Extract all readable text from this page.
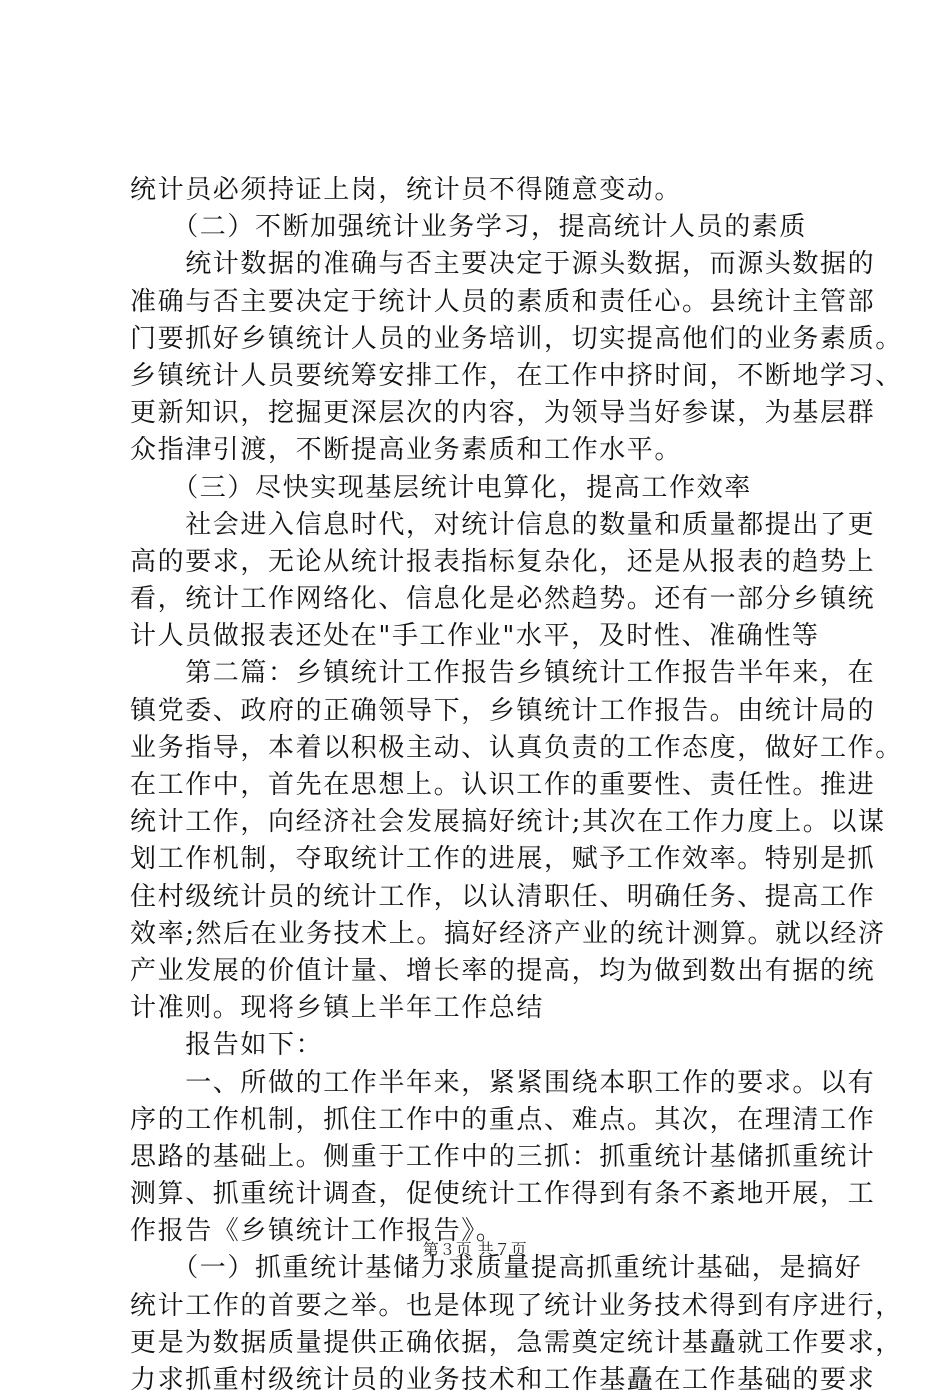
统计员必须持证上岗，统计员不得随意变动。
　　（二）不断加强统计业务学习，提高统计人员的素质
　　统计数据的准确与否主要决定于源头数据，而源头数据的
准确与否主要决定于统计人员的素质和责任心。县统计主管部
门要抓好乡镇统计人员的业务培训，切实提高他们的业务素质。
乡镇统计人员要统筹安排工作，在工作中挤时间，不断地学习、
更新知识，挖掘更深层次的内容，为领导当好参谋，为基层群
众指津引渡，不断提高业务素质和工作水平。
　　（三）尽快实现基层统计电算化，提高工作效率
　　社会进入信息时代，对统计信息的数量和质量都提出了更
高的要求，无论从统计报表指标复杂化，还是从报表的趋势上
看，统计工作网络化、信息化是必然趋势。还有一部分乡镇统
计人员做报表还处在"手工作业"水平，及时性、准确性等
　　第二篇：乡镇统计工作报告乡镇统计工作报告半年来，在
镇党委、政府的正确领导下，乡镇统计工作报告。由统计局的
业务指导，本着以积极主动、认真负责的工作态度，做好工作。
在工作中，首先在思想上。认识工作的重要性、责任性。推进
统计工作，向经济社会发展搞好统计;其次在工作力度上。以谋
划工作机制，夺取统计工作的进展，赋予工作效率。特别是抓
住村级统计员的统计工作，以认清职任、明确任务、提高工作
效率;然后在业务技术上。搞好经济产业的统计测算。就以经济
产业发展的价值计量、增长率的提高，均为做到数出有据的统
计准则。现将乡镇上半年工作总结
　　报告如下：
　　一、所做的工作半年来，紧紧围绕本职工作的要求。以有
序的工作机制，抓住工作中的重点、难点。其次，在理清工作
思路的基础上。侧重于工作中的三抓：抓重统计基储抓重统计
测算、抓重统计调查，促使统计工作得到有条不紊地开展，工
作报告《乡镇统计工作报告》。
　　（一）抓重统计基储力求质量提高抓重统计基础，是搞好
统计工作的首要之举。也是体现了统计业务技术得到有序进行，
更是为数据质量提供正确依据，急需奠定统计基矗就工作要求，
力求抓重村级统计员的业务技术和工作基矗在工作基础的要求
第３页 共７页
